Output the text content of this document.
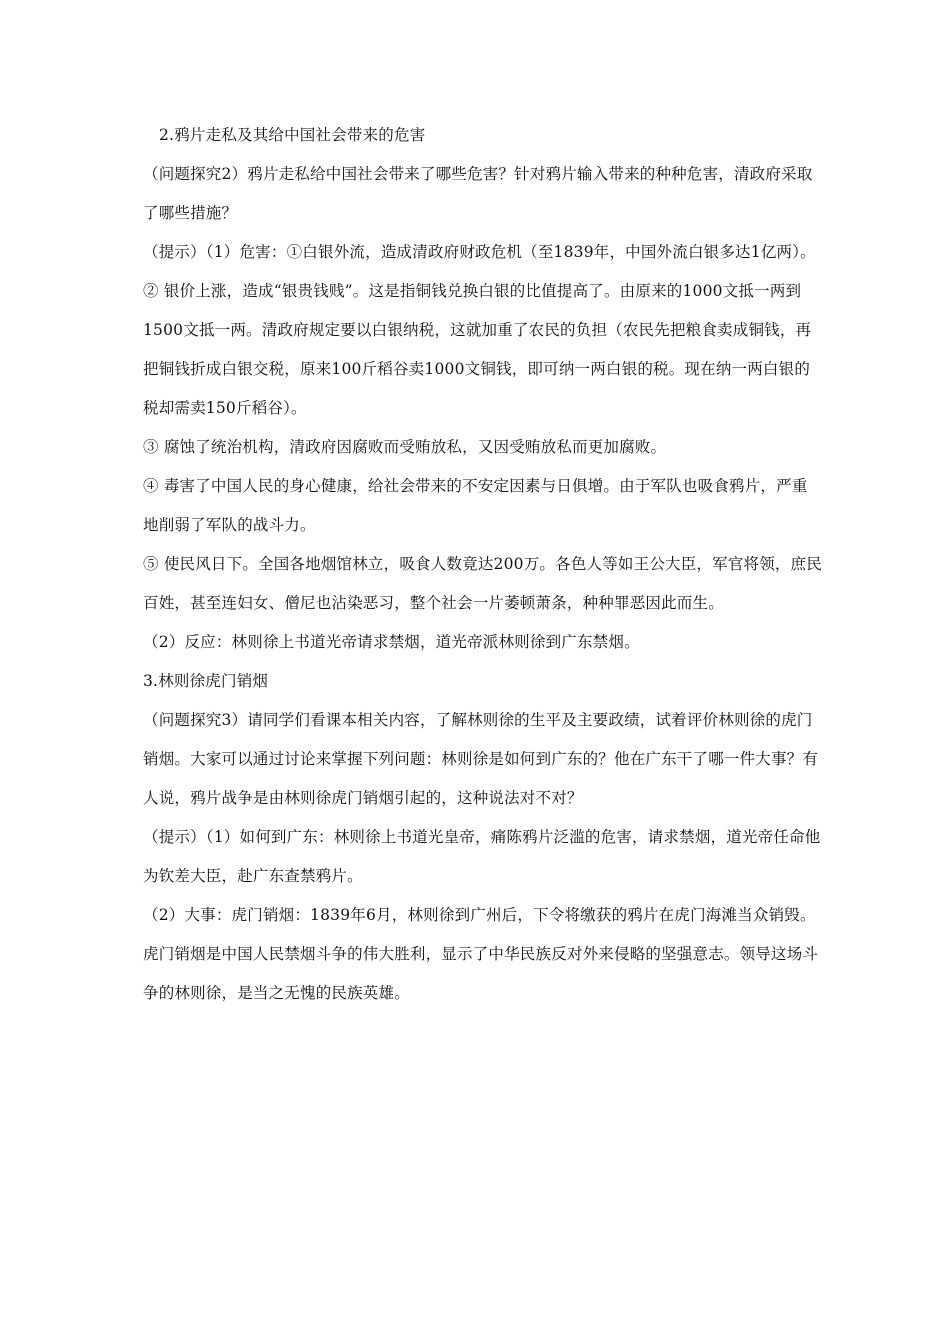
2.鸦片走私及其给中国社会带来的危害

（问题探究2）鸦片走私给中国社会带来了哪些危害？针对鸦片输入带来的种种危害，清政府采取了哪些措施？

（提示）（1）危害：①白银外流，造成清政府财政危机（至1839年，中国外流白银多达1亿两）。

② 银价上涨，造成“银贵钱贱”。这是指铜钱兑换白银的比值提高了。由原来的1000文抵一两到1500文抵一两。清政府规定要以白银纳税，这就加重了农民的负担（农民先把粮食卖成铜钱，再把铜钱折成白银交税，原来100斤稻谷卖1000文铜钱，即可纳一两白银的税。现在纳一两白银的税却需卖150斤稻谷）。

③ 腐蚀了统治机构，清政府因腐败而受贿放私，又因受贿放私而更加腐败。

④ 毒害了中国人民的身心健康，给社会带来的不安定因素与日俱增。由于军队也吸食鸦片，严重地削弱了军队的战斗力。

⑤ 使民风日下。全国各地烟馆林立，吸食人数竟达200万。各色人等如王公大臣，军官将领，庶民百姓，甚至连妇女、僧尼也沾染恶习，整个社会一片萎顿萧条，种种罪恶因此而生。

（2）反应：林则徐上书道光帝请求禁烟，道光帝派林则徐到广东禁烟。

3.林则徐虎门销烟

（问题探究3）请同学们看课本相关内容，了解林则徐的生平及主要政绩，试着评价林则徐的虎门销烟。大家可以通过讨论来掌握下列问题：林则徐是如何到广东的？他在广东干了哪一件大事？有人说，鸦片战争是由林则徐虎门销烟引起的，这种说法对不对？

（提示）（1）如何到广东：林则徐上书道光皇帝，痛陈鸦片泛滥的危害，请求禁烟，道光帝任命他为钦差大臣，赴广东查禁鸦片。

（2）大事：虎门销烟：1839年6月，林则徐到广州后，下令将缴获的鸦片在虎门海滩当众销毁。虎门销烟是中国人民禁烟斗争的伟大胜利，显示了中华民族反对外来侵略的坚强意志。领导这场斗争的林则徐，是当之无愧的民族英雄。
